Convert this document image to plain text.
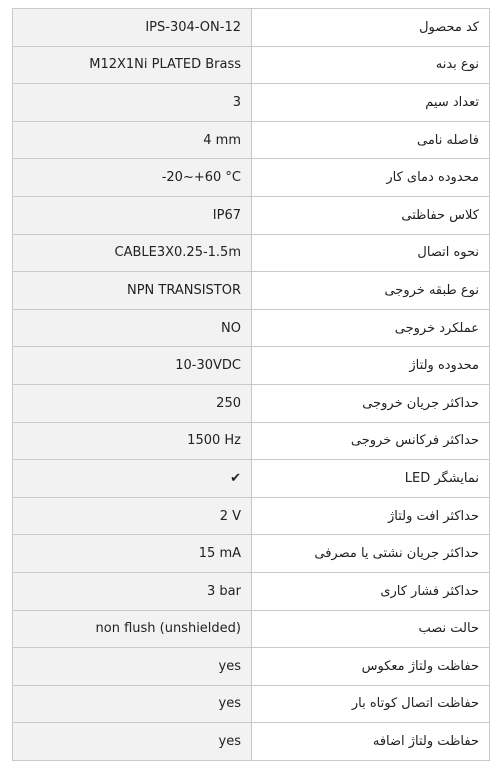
IPS-304-ON-12	کد محصول
M12X1Ni PLATED Brass	نوع بدنه
3	تعداد سیم
4 mm	فاصله نامی
-20~+60 °C	محدوده دمای کار
IP67	کلاس حفاظتی
CABLE3X0.25-1.5m	نحوه اتصال
NPN TRANSISTOR	نوع طبقه خروجی
NO	عملکرد خروجی
10-30VDC	محدوده ولتاژ
250	حداکثر جریان خروجی
1500 Hz	حداکثر فرکانس خروجی
✔	نمایشگر LED
2 V	حداکثر افت ولتاژ
15 mA	حداکثر جریان نشتی یا مصرفی
3 bar	حداکثر فشار کاری
non flush (unshielded)	حالت نصب
yes	حفاظت ولتاژ معکوس
yes	حفاظت اتصال کوتاه بار
yes	حفاظت ولتاژ اضافه
